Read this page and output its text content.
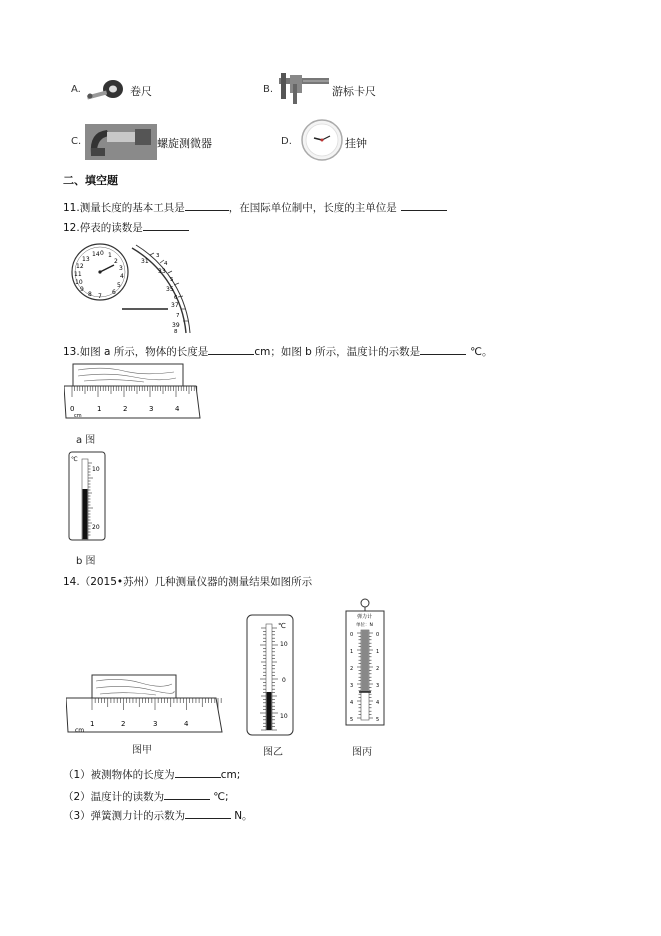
A.	卷尺	B.	游标卡尺
C.	螺旋测微器	D.	挂钟
二、填空题
11.测量长度的基本工具是	，在国际单位制中，长度的主单位是
12.停表的读数是
31
33
35
37
39
3
4
5
6
7
8
14 0 1
2
13
3
12
4
11
5
10
6
9
8 7
13.如图 a 所示，物体的长度是	cm；如图 b 所示，温度计的示数是	℃。
0	1	2	3	4
cm
a 图
℃
10
20
b 图
14.（2015•苏州）几种测量仪器的测量结果如图所示
1	2	3	4
cm
图甲
℃
10
0
10
图乙
弹力计
单位：N
0
1
2
3
4
5
0
1
2
3
4
5
图丙
（1）被测物体的长度为	cm;
（2）温度计的读数为	℃;
（3）弹簧测力计的示数为	N。
